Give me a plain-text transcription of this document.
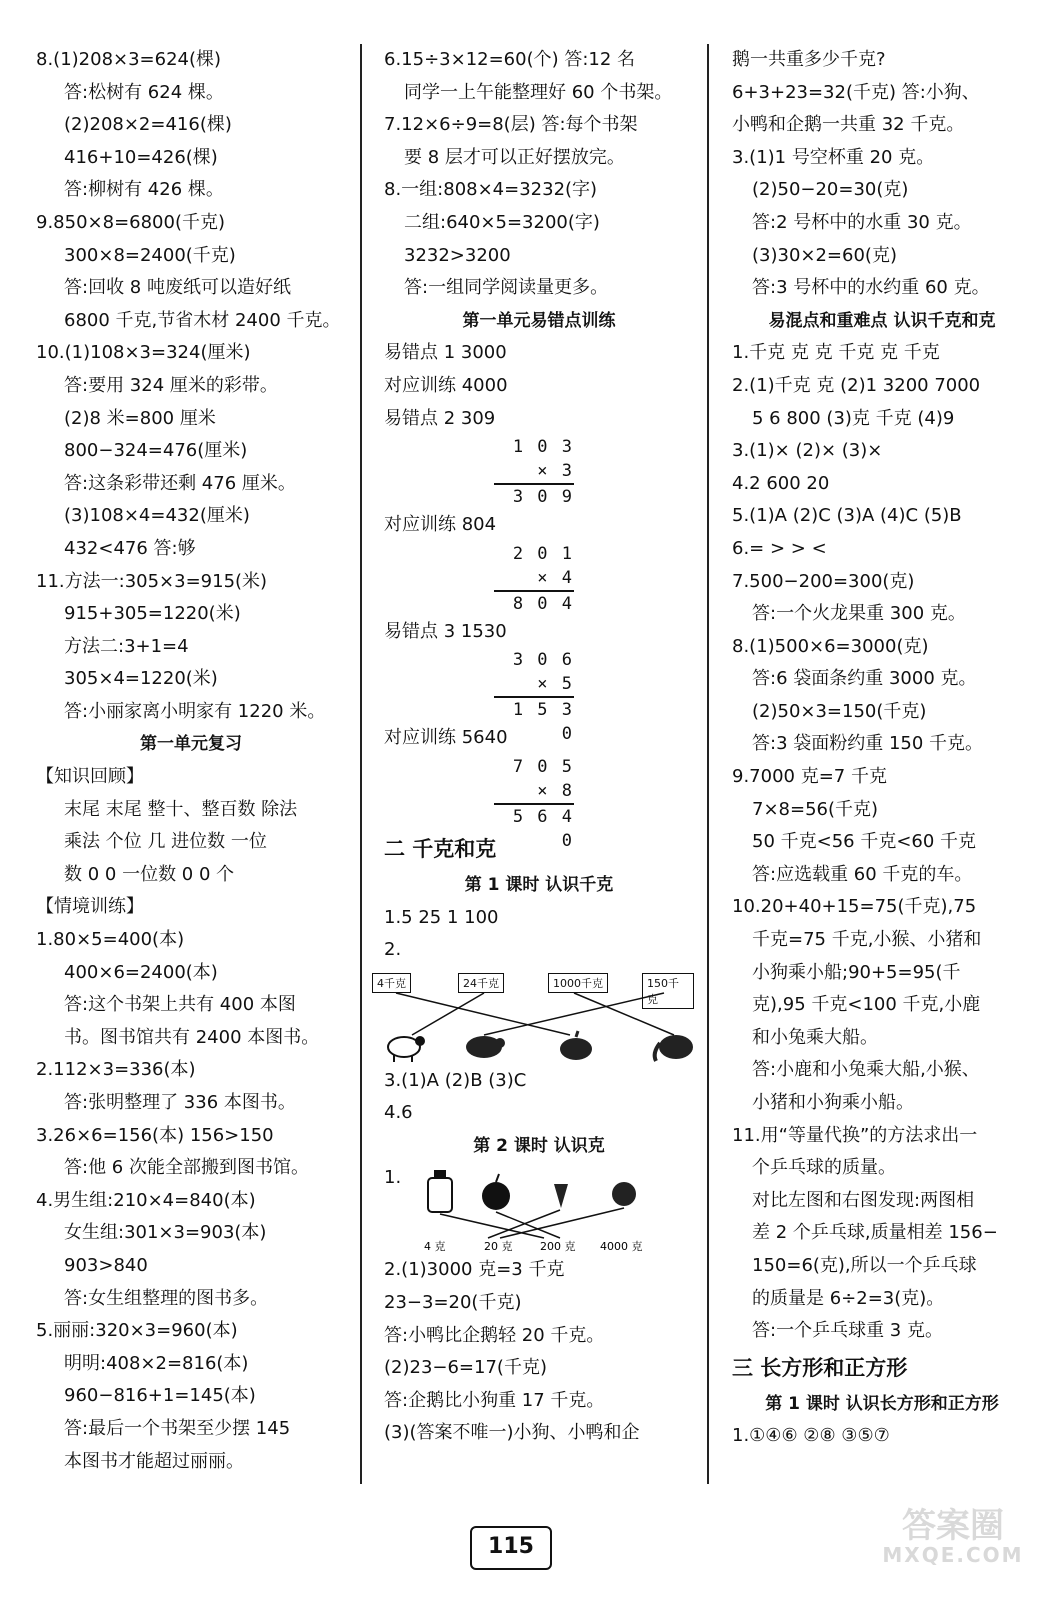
8.(1)208×3=624(棵)
答:松树有 624 棵。
(2)208×2=416(棵)
416+10=426(棵)
答:柳树有 426 棵。
9.850×8=6800(千克)
300×8=2400(千克)
答:回收 8 吨废纸可以造好纸
6800 千克,节省木材 2400 千克。
10.(1)108×3=324(厘米)
答:要用 324 厘米的彩带。
(2)8 米=800 厘米
800−324=476(厘米)
答:这条彩带还剩 476 厘米。
(3)108×4=432(厘米)
432<476 答:够
11.方法一:305×3=915(米)
915+305=1220(米)
方法二:3+1=4
305×4=1220(米)
答:小丽家离小明家有 1220 米。
第一单元复习
【知识回顾】
末尾 末尾 整十、整百数 除法
乘法 个位 几 进位数 一位
数 0 0 一位数 0 0 个
【情境训练】
1.80×5=400(本)
400×6=2400(本)
答:这个书架上共有 400 本图
书。图书馆共有 2400 本图书。
2.112×3=336(本)
答:张明整理了 336 本图书。
3.26×6=156(本) 156>150
答:他 6 次能全部搬到图书馆。
4.男生组:210×4=840(本)
女生组:301×3=903(本)
903>840
答:女生组整理的图书多。
5.丽丽:320×3=960(本)
明明:408×2=816(本)
960−816+1=145(本)
答:最后一个书架至少摆 145
本图书才能超过丽丽。
6.15÷3×12=60(个) 答:12 名
同学一上午能整理好 60 个书架。
7.12×6÷9=8(层) 答:每个书架
要 8 层才可以正好摆放完。
8.一组:808×4=3232(字)
二组:640×5=3200(字)
3232>3200
答:一组同学阅读量更多。
第一单元易错点训练
易错点 1 3000
对应训练 4000
易错点 2 309
1 0 3
× 3
3 0 9
对应训练 804
2 0 1
× 4
8 0 4
易错点 3 1530
3 0 6
× 5
1 5 3 0
对应训练 5640
7 0 5
× 8
5 6 4 0
二 千克和克
第 1 课时 认识千克
1.5 25 1 100
2.
4千克	24千克	1000千克	150千克
3.(1)A (2)B (3)C
4.6
第 2 课时 认识克
1.
4 克	20 克	200 克 4000 克
2.(1)3000 克=3 千克
23−3=20(千克)
答:小鸭比企鹅轻 20 千克。
(2)23−6=17(千克)
答:企鹅比小狗重 17 千克。
(3)(答案不唯一)小狗、小鸭和企
鹅一共重多少千克?
6+3+23=32(千克) 答:小狗、
小鸭和企鹅一共重 32 千克。
3.(1)1 号空杯重 20 克。
(2)50−20=30(克)
答:2 号杯中的水重 30 克。
(3)30×2=60(克)
答:3 号杯中的水约重 60 克。
易混点和重难点 认识千克和克
1.千克 克 克 千克 克 千克
2.(1)千克 克 (2)1 3200 7000
5 6 800 (3)克 千克 (4)9
3.(1)× (2)× (3)×
4.2 600 20
5.(1)A (2)C (3)A (4)C (5)B
6.= > > <
7.500−200=300(克)
答:一个火龙果重 300 克。
8.(1)500×6=3000(克)
答:6 袋面条约重 3000 克。
(2)50×3=150(千克)
答:3 袋面粉约重 150 千克。
9.7000 克=7 千克
7×8=56(千克)
50 千克<56 千克<60 千克
答:应选载重 60 千克的车。
10.20+40+15=75(千克),75
千克=75 千克,小猴、小猪和
小狗乘小船;90+5=95(千
克),95 千克<100 千克,小鹿
和小兔乘大船。
答:小鹿和小兔乘大船,小猴、
小猪和小狗乘小船。
11.用“等量代换”的方法求出一
个乒乓球的质量。
对比左图和右图发现:两图相
差 2 个乒乓球,质量相差 156−
150=6(克),所以一个乒乓球
的质量是 6÷2=3(克)。
答:一个乒乓球重 3 克。
三 长方形和正方形
第 1 课时 认识长方形和正方形
1.①④⑥ ②⑧ ③⑤⑦
115
答案圈
MXQE.COM
